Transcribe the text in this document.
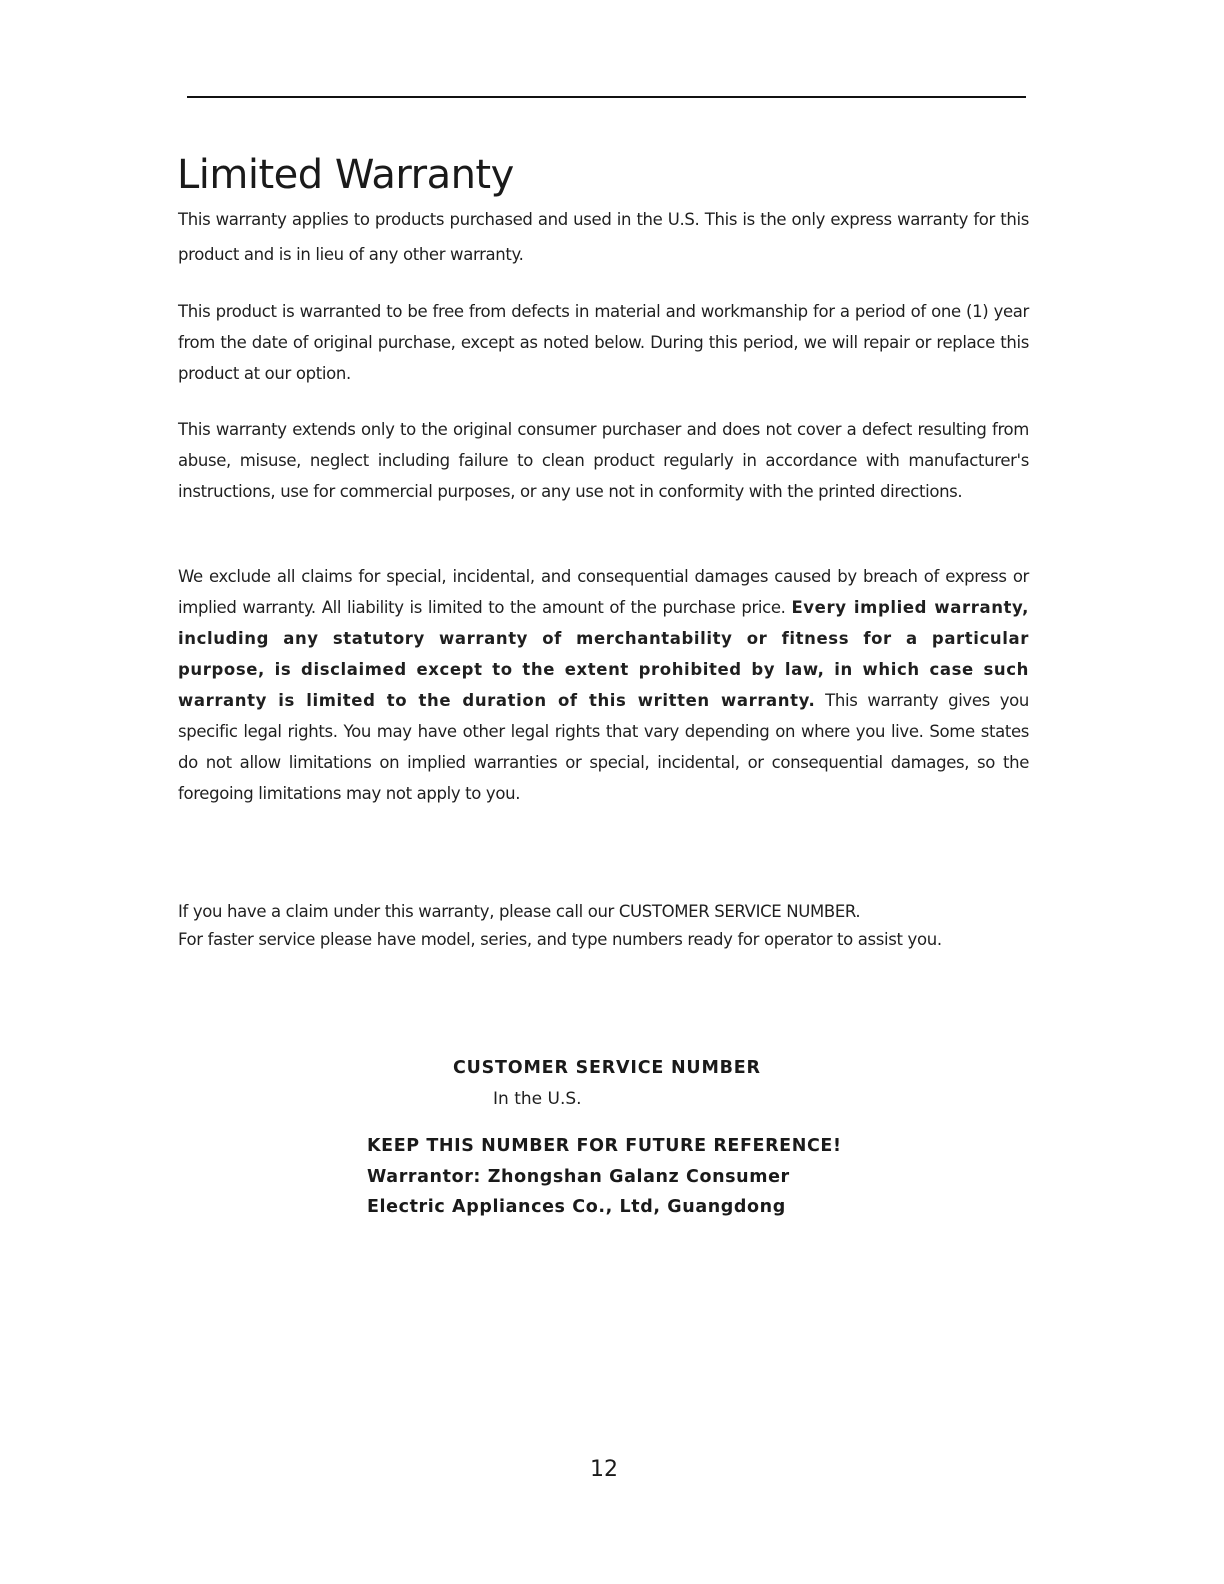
Limited Warranty

This warranty applies to products purchased and used in the U.S. This is the only express warranty for this product and is in lieu of any other warranty.

This product is warranted to be free from defects in material and workmanship for a period of one (1) year from the date of original purchase, except as noted below. During this period, we will repair or replace this product at our option.

This warranty extends only to the original consumer purchaser and does not cover a defect resulting from abuse, misuse, neglect including failure to clean product regularly in accordance with manufacturer's instructions, use for commercial purposes, or any use not in conformity with the printed directions.

We exclude all claims for special, incidental, and consequential damages caused by breach of express or implied warranty. All liability is limited to the amount of the purchase price. Every implied warranty, including any statutory warranty of merchantability or fitness for a particular purpose, is disclaimed except to the extent prohibited by law, in which case such warranty is limited to the duration of this written warranty. This warranty gives you specific legal rights. You may have other legal rights that vary depending on where you live. Some states do not allow limitations on implied warranties or special, incidental, or consequential damages, so the foregoing limitations may not apply to you.

If you have a claim under this warranty, please call our CUSTOMER SERVICE NUMBER.
For faster service please have model, series, and type numbers ready for operator to assist you.
CUSTOMER SERVICE NUMBER
In the U.S.
KEEP THIS NUMBER FOR FUTURE REFERENCE!
Warrantor: Zhongshan Galanz Consumer
Electric Appliances Co., Ltd, Guangdong
12
